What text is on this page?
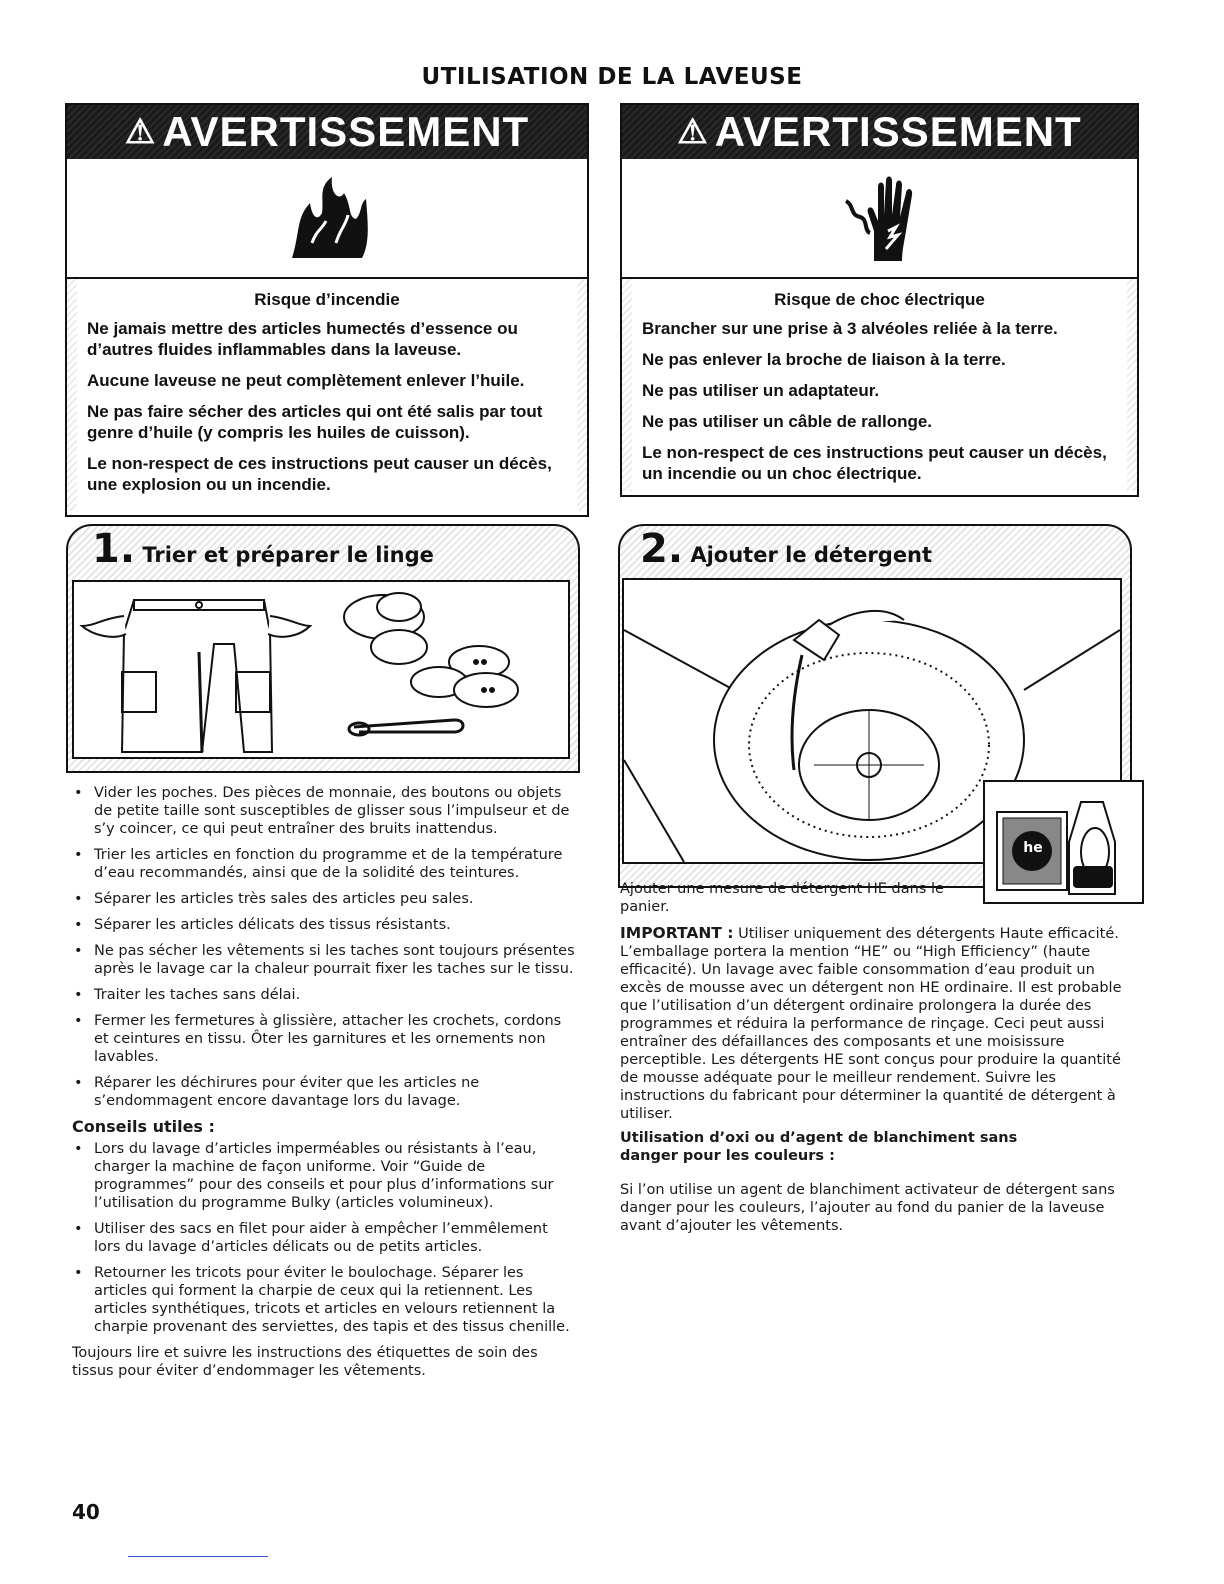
UTILISATION DE LA LAVEUSE
⚠ AVERTISSEMENT
Risque d’incendie

Ne jamais mettre des articles humectés d’essence ou d’autres fluides inflammables dans la laveuse.

Aucune laveuse ne peut complètement enlever l’huile.

Ne pas faire sécher des articles qui ont été salis par tout genre d’huile (y compris les huiles de cuisson).

Le non-respect de ces instructions peut causer un décès, une explosion ou un incendie.

⚠ AVERTISSEMENT
Risque de choc électrique

Brancher sur une prise à 3 alvéoles reliée à la terre.

Ne pas enlever la broche de liaison à la terre.

Ne pas utiliser un adaptateur.

Ne pas utiliser un câble de rallonge.

Le non-respect de ces instructions peut causer un décès, un incendie ou un choc électrique.

1. Trier et préparer le linge
• Vider les poches. Des pièces de monnaie, des boutons ou objets de petite taille sont susceptibles de glisser sous l’impulseur et de s’y coincer, ce qui peut entraîner des bruits inattendus.
• Trier les articles en fonction du programme et de la température d’eau recommandés, ainsi que de la solidité des teintures.
• Séparer les articles très sales des articles peu sales.
• Séparer les articles délicats des tissus résistants.
• Ne pas sécher les vêtements si les taches sont toujours présentes après le lavage car la chaleur pourrait fixer les taches sur le tissu.
• Traiter les taches sans délai.
• Fermer les fermetures à glissière, attacher les crochets, cordons et ceintures en tissu. Ôter les garnitures et les ornements non lavables.
• Réparer les déchirures pour éviter que les articles ne s’endommagent encore davantage lors du lavage.
Conseils utiles :
• Lors du lavage d’articles imperméables ou résistants à l’eau, charger la machine de façon uniforme. Voir “Guide de programmes” pour des conseils et pour plus d’informations sur l’utilisation du programme Bulky (articles volumineux).
• Utiliser des sacs en filet pour aider à empêcher l’emmêlement lors du lavage d’articles délicats ou de petits articles.
• Retourner les tricots pour éviter le boulochage. Séparer les articles qui forment la charpie de ceux qui la retiennent. Les articles synthétiques, tricots et articles en velours retiennent la charpie provenant des serviettes, des tapis et des tissus chenille.
Toujours lire et suivre les instructions des étiquettes de soin des tissus pour éviter d’endommager les vêtements.
2. Ajouter le détergent
he
Ajouter une mesure de détergent HE dans le panier.
IMPORTANT : Utiliser uniquement des détergents Haute efficacité. L’emballage portera la mention “HE” ou “High Efficiency” (haute efficacité). Un lavage avec faible consommation d’eau produit un excès de mousse avec un détergent non HE ordinaire. Il est probable que l’utilisation d’un détergent ordinaire prolongera la durée des programmes et réduira la performance de rinçage. Ceci peut aussi entraîner des défaillances des composants et une moisissure perceptible. Les détergents HE sont conçus pour produire la quantité de mousse adéquate pour le meilleur rendement. Suivre les instructions du fabricant pour déterminer la quantité de détergent à utiliser.
Utilisation d’oxi ou d’agent de blanchiment sans danger pour les couleurs :
Si l’on utilise un agent de blanchiment activateur de détergent sans danger pour les couleurs, l’ajouter au fond du panier de la laveuse avant d’ajouter les vêtements.
40
